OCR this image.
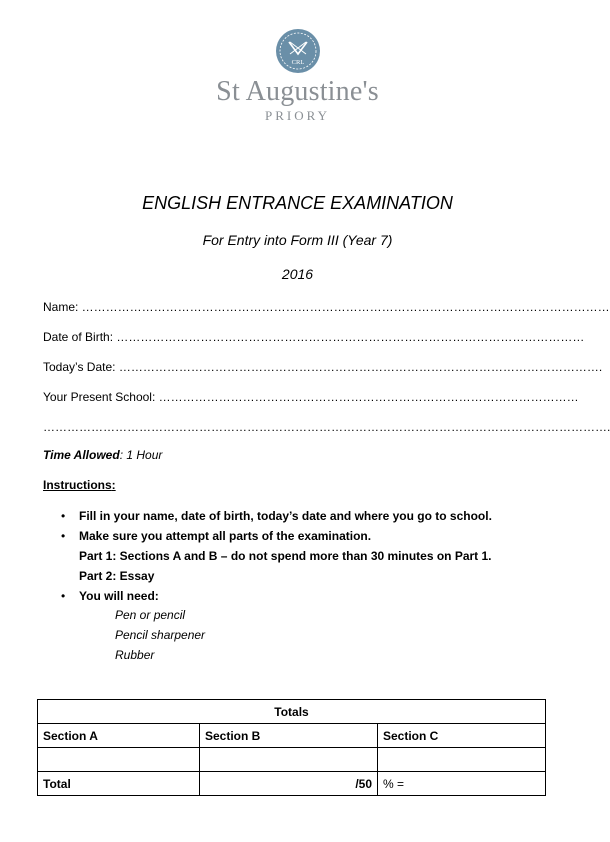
CRL
St Augustine's
PRIORY
ENGLISH ENTRANCE EXAMINATION
For Entry into Form III (Year 7)
2016
Name: ……………………………………………………………………………………………………………………
Date of Birth: ………………………………………………………………………………………………………
Today’s Date: ………………………………………………………………………………………………………….
Your Present School: ……………………………………………………………………………………………
…………………………………………………………………………………………………………………………….
Time Allowed: 1 Hour
Instructions:
• Fill in your name, date of birth, today’s date and where you go to school.
• Make sure you attempt all parts of the examination.
Part 1: Sections A and B – do not spend more than 30 minutes on Part 1.
Part 2: Essay
• You will need:
Pen or pencil
Pencil sharpener
Rubber
Totals		
Section A	Section B	Section C

Total	/50	% =
